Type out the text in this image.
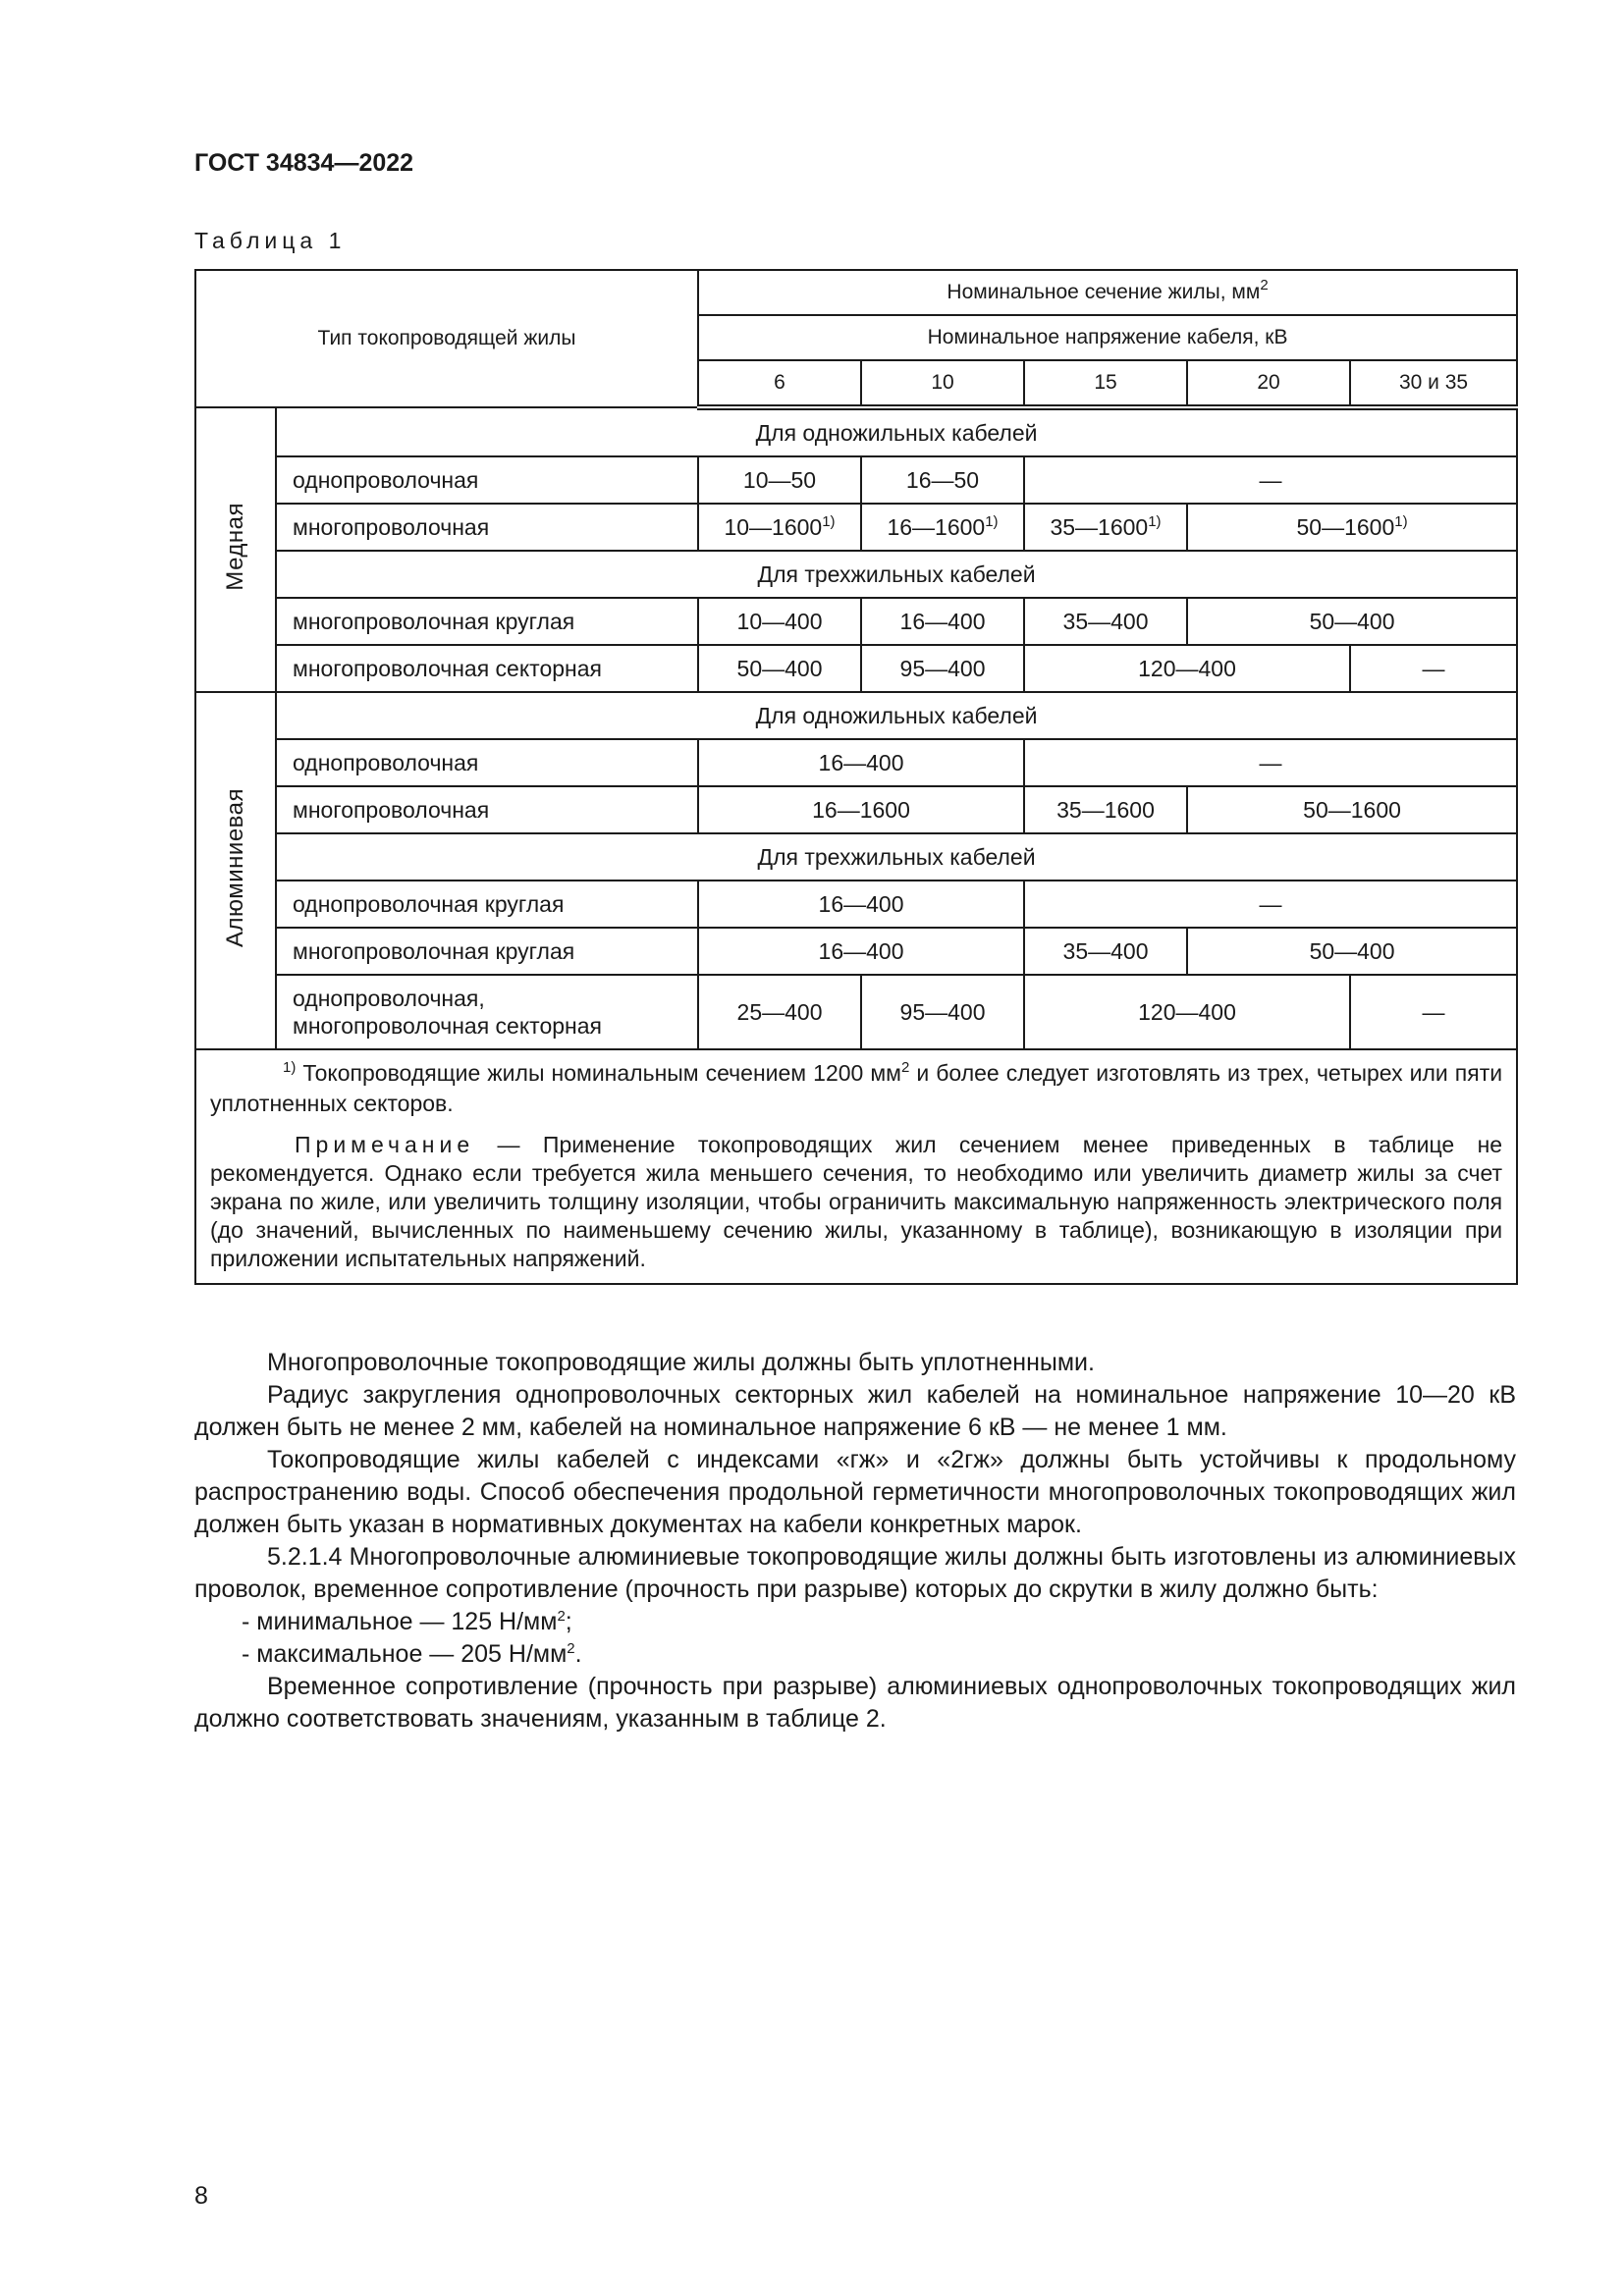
ГОСТ 34834—2022
Таблица 1
Тип токопроводящей жилы		Номинальное сечение жилы, $мм^2$
		Номинальное напряжение кабеля, кВ				
		6	10	15	20	30 и 35
Медная	Для одножильных кабелей					
	однопроволочная	10—50	16—50	—		
	многопроволочная	10—1600$^{1)}$	16—1600$^{1)}$	35—1600$^{1)}$	50—1600$^{1)}$
	Для трехжильных кабелей					
	многопроволочная круглая	10—400	16—400	35—400	50—400	
	многопроволочная секторная	50—400	95—400	120—400		—
Алюминиевая	Для одножильных кабелей					
	однопроволочная	16—400		—		
	многопроволочная	16—1600		35—1600	50—1600	
	Для трехжильных кабелей					
	однопроволочная круглая	16—400		—		
	многопроволочная круглая	16—400		35—400	50—400	
	однопроволочная,
многопроволочная секторная	25—400	95—400	120—400		—

$^{1)}$ Токопроводящие жилы номинальным сечением 1200 $мм^2$ и более следует изготовлять из трех, четырех или пяти уплотненных секторов.

Примечание — Применение токопроводящих жил сечением менее приведенных в таблице не рекомендуется. Однако если требуется жила меньшего сечения, то необходимо или увеличить диаметр жилы за счет экрана по жиле, или увеличить толщину изоляции, чтобы ограничить максимальную напряженность электрического поля (до значений, вычисленных по наименьшему сечению жилы, указанному в таблице), возникающую в изоляции при приложении испытательных напряжений.						

Многопроволочные токопроводящие жилы должны быть уплотненными.

Радиус закругления однопроволочных секторных жил кабелей на номинальное напряжение 10—20 кВ должен быть не менее 2 мм, кабелей на номинальное напряжение 6 кВ — не менее 1 мм.

Токопроводящие жилы кабелей с индексами «гж» и «2гж» должны быть устойчивы к продольному распространению воды. Способ обеспечения продольной герметичности многопроволочных токопроводящих жил должен быть указан в нормативных документах на кабели конкретных марок.

5.2.1.4 Многопроволочные алюминиевые токопроводящие жилы должны быть изготовлены из алюминиевых проволок, временное сопротивление (прочность при разрыве) которых до скрутки в жилу должно быть:

- минимальное — 125 $Н/мм^2$;

- максимальное — 205 $Н/мм^2$.

Временное сопротивление (прочность при разрыве) алюминиевых однопроволочных токопроводящих жил должно соответствовать значениям, указанным в таблице 2.

8
